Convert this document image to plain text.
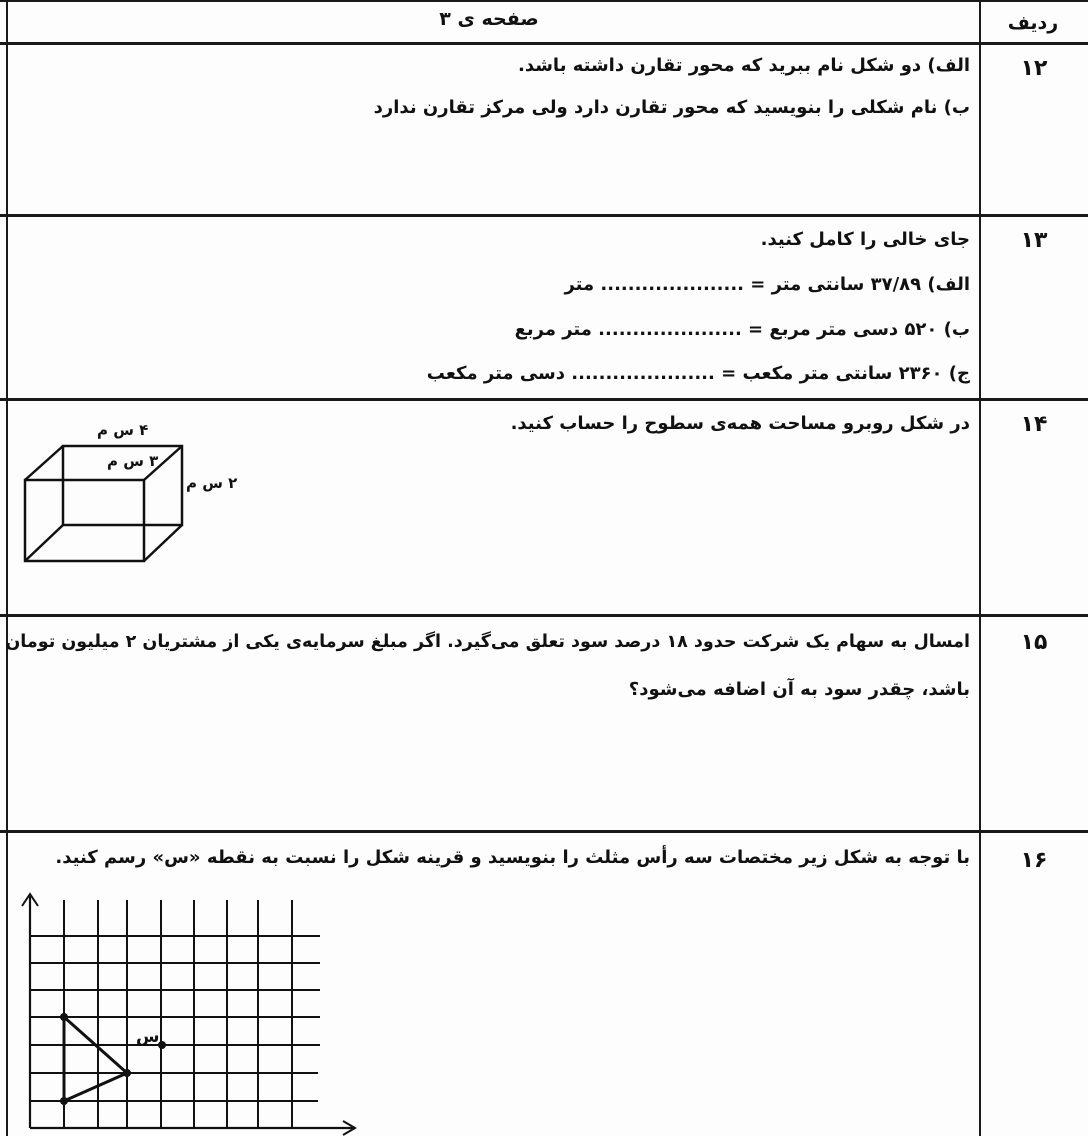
صفحه ی ۳	ردیف
۱۲
الف) دو شکل نام ببرید که محور تقارن داشته باشد.
ب) نام شکلی را بنویسید که محور تقارن دارد ولی مرکز تقارن ندارد
۱۳
جای خالی را کامل کنید.
الف) ۳۷/۸۹ سانتی متر = ..................... متر
ب) ۵۲۰ دسی متر مربع = ..................... متر مربع
ج) ۲۳۶۰ سانتی متر مکعب = ..................... دسی متر مکعب
۱۴
در شکل روبرو مساحت همه‌ی سطوح را حساب کنید.
۴ س م
۳ س م
۲ س م
۱۵
امسال به سهام یک شرکت حدود ۱۸ درصد سود تعلق می‌گیرد. اگر مبلغ سرمایه‌ی یکی از مشتریان ۲ میلیون تومان
باشد، چقدر سود به آن اضافه می‌شود؟
۱۶
با توجه به شکل زیر مختصات سه رأس مثلث را بنویسید و قرینه شکل را نسبت به نقطه «س» رسم کنید.
س
